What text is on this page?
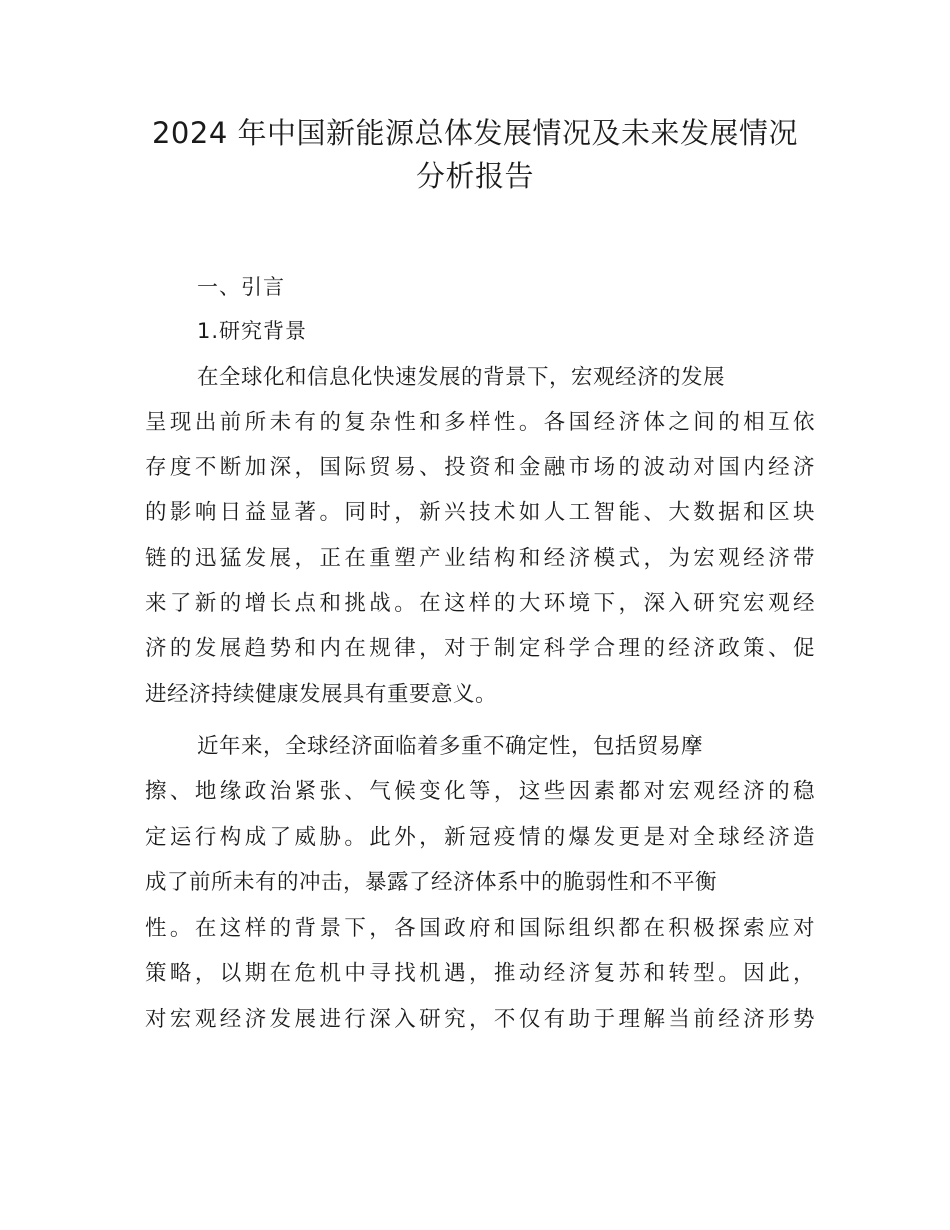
2024 年中国新能源总体发展情况及未来发展情况
分析报告
一、引言
1.研究背景
在全球化和信息化快速发展的背景下，宏观经济的发展
呈现出前所未有的复杂性和多样性。各国经济体之间的相互依
存度不断加深，国际贸易、投资和金融市场的波动对国内经济
的影响日益显著。同时，新兴技术如人工智能、大数据和区块
链的迅猛发展，正在重塑产业结构和经济模式，为宏观经济带
来了新的增长点和挑战。在这样的大环境下，深入研究宏观经
济的发展趋势和内在规律，对于制定科学合理的经济政策、促
进经济持续健康发展具有重要意义。
近年来，全球经济面临着多重不确定性，包括贸易摩
擦、地缘政治紧张、气候变化等，这些因素都对宏观经济的稳
定运行构成了威胁。此外，新冠疫情的爆发更是对全球经济造
成了前所未有的冲击，暴露了经济体系中的脆弱性和不平衡
性。在这样的背景下，各国政府和国际组织都在积极探索应对
策略，以期在危机中寻找机遇，推动经济复苏和转型。因此，
对宏观经济发展进行深入研究，不仅有助于理解当前经济形势
